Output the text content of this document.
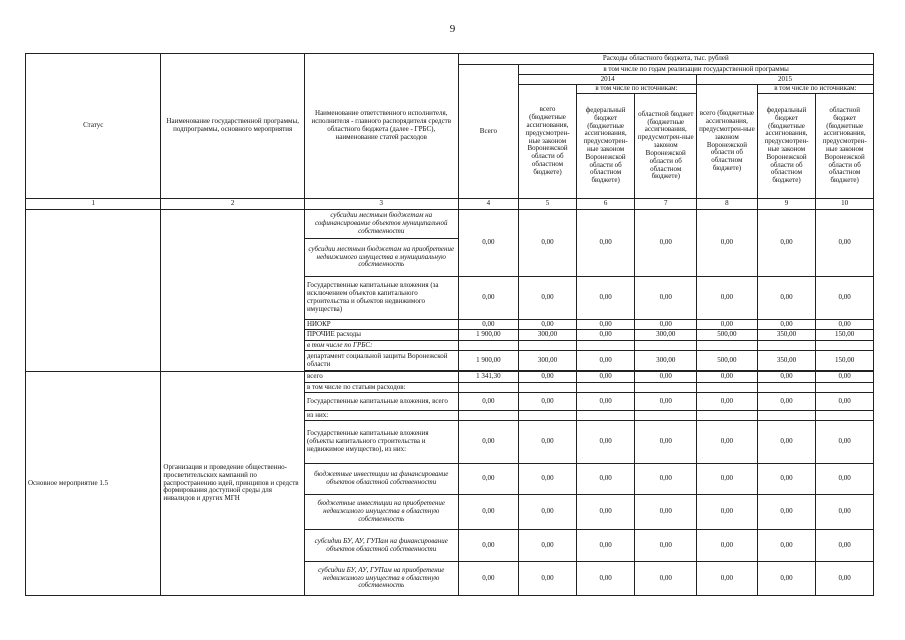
9
Статус	Наименование государственной программы, подпрограммы, основного мероприятия	Наименование ответственного исполнителя, исполнителя - главного распорядителя средств областного бюджета (далее - ГРБС), наименование статей расходов	Расходы областного бюджета, тыс. рублей						
			Всего	в том числе по годам реализации государственной программы					
				2014			2015		
				всего (бюджетные ассигнования, предусмотрен-ные законом Воронежской области об областном бюджете)	в том числе по источникам:		всего (бюджетные ассигнования, предусмотрен-ные законом Воронежской области об областном бюджете)	в том числе по источникам:	
					федеральный бюджет (бюджетные ассигнования, предусмотрен-ные законом Воронежской области об областном бюджете)	областной бюджет (бюджетные ассигнования, предусмотрен-ные законом Воронежской области об областном бюджете)		федеральный бюджет (бюджетные ассигнования, предусмотрен-ные законом Воронежской области об областном бюджете)	областной бюджет (бюджетные ассигнования, предусмотрен-ные законом Воронежской области об областном бюджете)
1	2	3	4	5	6	7	8	9	10
		субсидии местным бюджетам на софинансирование объектов муниципальной собственности	0,00	0,00	0,00	0,00	0,00	0,00	0,00
		субсидии местным бюджетам на приобретение недвижимого имущества в муниципальную собственность							
		Государственные капитальные вложения (за исключением объектов капитального строительства и объектов недвижимого имущества)	0,00	0,00	0,00	0,00	0,00	0,00	0,00
		НИОКР	0,00	0,00	0,00	0,00	0,00	0,00	0,00
		ПРОЧИЕ расходы	1 900,00	300,00	0,00	300,00	500,00	350,00	150,00
		в том числе по ГРБС:							
		департамент социальной защиты Воронежской области	1 900,00	300,00	0,00	300,00	500,00	350,00	150,00

Основное мероприятие 1.5	Организация и проведение общественно-просветительских кампаний по распространению идей, принципов и средств формирования доступной среды для инвалидов и других МГН	всего	1 341,30	0,00	0,00	0,00	0,00	0,00	0,00
		в том числе по статьям расходов:							
		Государственные капитальные вложения, всего	0,00	0,00	0,00	0,00	0,00	0,00	0,00
		из них:							
		Государственные капитальные вложения (объекты капитального строительства и недвижимое имущество), из них:	0,00	0,00	0,00	0,00	0,00	0,00	0,00
		бюджетные инвестиции на финансирование объектов областной собственности	0,00	0,00	0,00	0,00	0,00	0,00	0,00
		бюджетные инвестиции на приобретение недвижимого имущества в областную собственность	0,00	0,00	0,00	0,00	0,00	0,00	0,00
		субсидии БУ, АУ, ГУПам на финансирование объектов областной собственности	0,00	0,00	0,00	0,00	0,00	0,00	0,00
		субсидии БУ, АУ, ГУПам на приобретение недвижимого имущества в областную собственность	0,00	0,00	0,00	0,00	0,00	0,00	0,00
